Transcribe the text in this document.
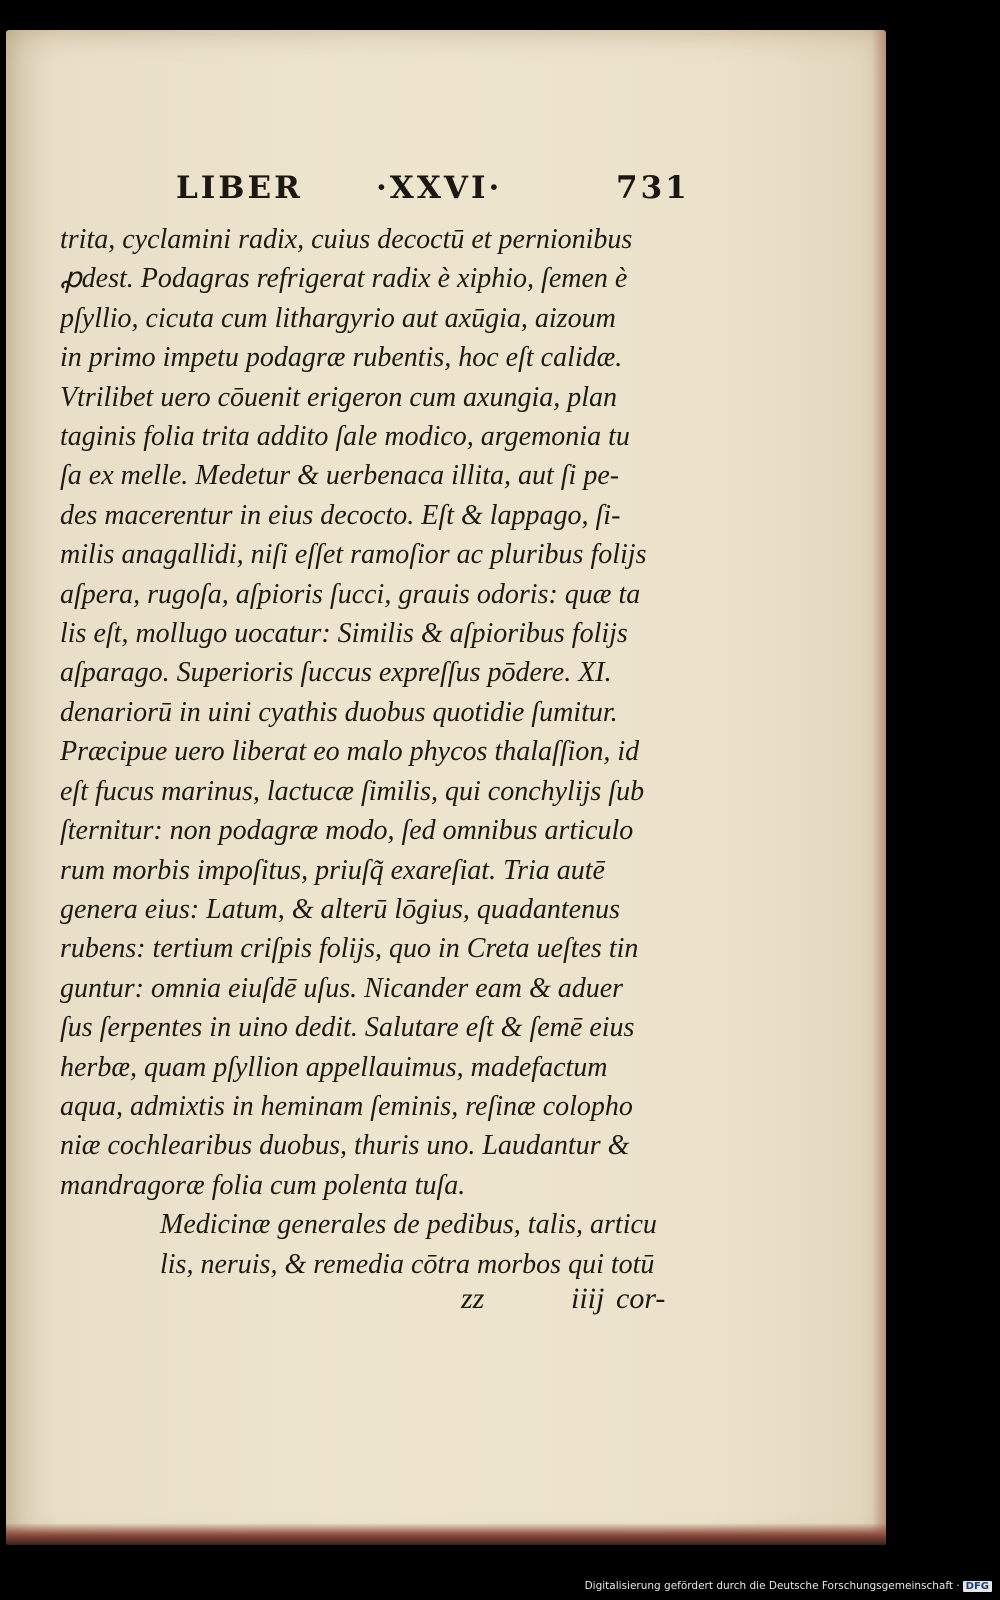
LIBER ·XXVI·	731
trita, cyclamini radix, cuius decoctū et pernionibus
ꝓdest. Podagras refrigerat radix è xiphio, ſemen è
pſyllio, cicuta cum lithargyrio aut axūgia, aizoum
in primo impetu podagræ rubentis, hoc eſt calidæ.
Vtrilibet uero cōuenit erigeron cum axungia, plan
taginis folia trita addito ſale modico, argemonia tu
ſa ex melle. Medetur & uerbenaca illita, aut ſi pe-
des macerentur in eius decocto. Eſt & lappago, ſi-
milis anagallidi, niſi eſſet ramoſior ac pluribus folijs
aſpera, rugoſa, aſpioris ſucci, grauis odoris: quæ ta
lis eſt, mollugo uocatur: Similis & aſpioribus folijs
aſparago. Superioris ſuccus expreſſus pōdere. XI.
denariorū in uini cyathis duobus quotidie ſumitur.
Præcipue uero liberat eo malo phycos thalaſſion, id
eſt fucus marinus, lactucæ ſimilis, qui conchylijs ſub
ſternitur: non podagræ modo, ſed omnibus articulo
rum morbis impoſitus, priuſq̃ exareſiat. Tria autē
genera eius: Latum, & alterū lōgius, quadantenus
rubens: tertium criſpis folijs, quo in Creta ueſtes tin
guntur: omnia eiuſdē uſus. Nicander eam & aduer
ſus ſerpentes in uino dedit. Salutare eſt & ſemē eius
herbæ, quam pſyllion appellauimus, madefactum
aqua, admixtis in heminam ſeminis, reſinæ colopho
niæ cochlearibus duobus, thuris uno. Laudantur &
mandragoræ folia cum polenta tuſa.
Medicinæ generales de pedibus, talis, articu
lis, neruis, & remedia cōtra morbos qui totū
zz	iiij cor-
Digitalisierung gefördert durch die Deutsche Forschungsgemeinschaft · DFG
